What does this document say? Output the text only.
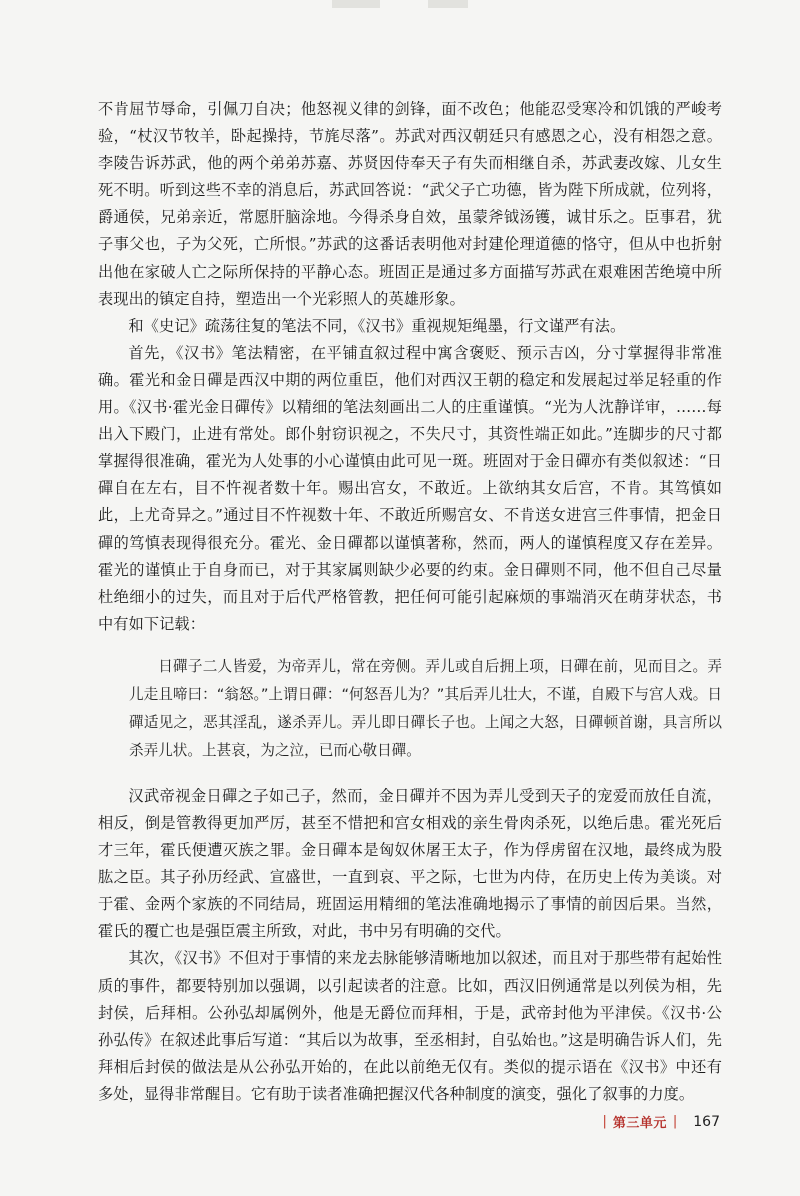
不肯屈节辱命，引佩刀自决；他怒视义律的剑锋，面不改色；他能忍受寒冷和饥饿的严峻考验，“杖汉节牧羊，卧起操持，节旄尽落”。苏武对西汉朝廷只有感恩之心，没有相怨之意。李陵告诉苏武，他的两个弟弟苏嘉、苏贤因侍奉天子有失而相继自杀，苏武妻改嫁、儿女生死不明。听到这些不幸的消息后，苏武回答说：“武父子亡功德，皆为陛下所成就，位列将，爵通侯，兄弟亲近，常愿肝脑涂地。今得杀身自效，虽蒙斧钺汤镬，诚甘乐之。臣事君，犹子事父也，子为父死，亡所恨。”苏武的这番话表明他对封建伦理道德的恪守，但从中也折射出他在家破人亡之际所保持的平静心态。班固正是通过多方面描写苏武在艰难困苦绝境中所表现出的镇定自持，塑造出一个光彩照人的英雄形象。

和《史记》疏荡往复的笔法不同，《汉书》重视规矩绳墨，行文谨严有法。

首先，《汉书》笔法精密，在平铺直叙过程中寓含褒贬、预示吉凶，分寸掌握得非常准确。霍光和金日磾是西汉中期的两位重臣，他们对西汉王朝的稳定和发展起过举足轻重的作用。《汉书·霍光金日磾传》以精细的笔法刻画出二人的庄重谨慎。“光为人沈静详审，……每出入下殿门，止进有常处。郎仆射窃识视之，不失尺寸，其资性端正如此。”连脚步的尺寸都掌握得很准确，霍光为人处事的小心谨慎由此可见一斑。班固对于金日磾亦有类似叙述：“日磾自在左右，目不忤视者数十年。赐出宫女，不敢近。上欲纳其女后宫，不肯。其笃慎如此，上尤奇异之。”通过目不忤视数十年、不敢近所赐宫女、不肯送女进宫三件事情，把金日磾的笃慎表现得很充分。霍光、金日磾都以谨慎著称，然而，两人的谨慎程度又存在差异。霍光的谨慎止于自身而已，对于其家属则缺少必要的约束。金日磾则不同，他不但自己尽量杜绝细小的过失，而且对于后代严格管教，把任何可能引起麻烦的事端消灭在萌芽状态，书中有如下记载：

日磾子二人皆爱，为帝弄儿，常在旁侧。弄儿或自后拥上项，日磾在前，见而目之。弄儿走且啼曰：“翁怒。”上谓日磾：“何怒吾儿为？”其后弄儿壮大，不谨，自殿下与宫人戏。日磾适见之，恶其淫乱，遂杀弄儿。弄儿即日磾长子也。上闻之大怒，日磾顿首谢，具言所以杀弄儿状。上甚哀，为之泣，已而心敬日磾。

汉武帝视金日磾之子如己子，然而，金日磾并不因为弄儿受到天子的宠爱而放任自流，相反，倒是管教得更加严厉，甚至不惜把和宫女相戏的亲生骨肉杀死，以绝后患。霍光死后才三年，霍氏便遭灭族之罪。金日磾本是匈奴休屠王太子，作为俘虏留在汉地，最终成为股肱之臣。其子孙历经武、宣盛世，一直到哀、平之际，七世为内侍，在历史上传为美谈。对于霍、金两个家族的不同结局，班固运用精细的笔法准确地揭示了事情的前因后果。当然，霍氏的覆亡也是强臣震主所致，对此，书中另有明确的交代。

其次，《汉书》不但对于事情的来龙去脉能够清晰地加以叙述，而且对于那些带有起始性质的事件，都要特别加以强调，以引起读者的注意。比如，西汉旧例通常是以列侯为相，先封侯，后拜相。公孙弘却属例外，他是无爵位而拜相，于是，武帝封他为平津侯。《汉书·公孙弘传》在叙述此事后写道：“其后以为故事，至丞相封，自弘始也。”这是明确告诉人们，先拜相后封侯的做法是从公孙弘开始的，在此以前绝无仅有。类似的提示语在《汉书》中还有多处，显得非常醒目。它有助于读者准确把握汉代各种制度的演变，强化了叙事的力度。

| 第三单元 | 167
